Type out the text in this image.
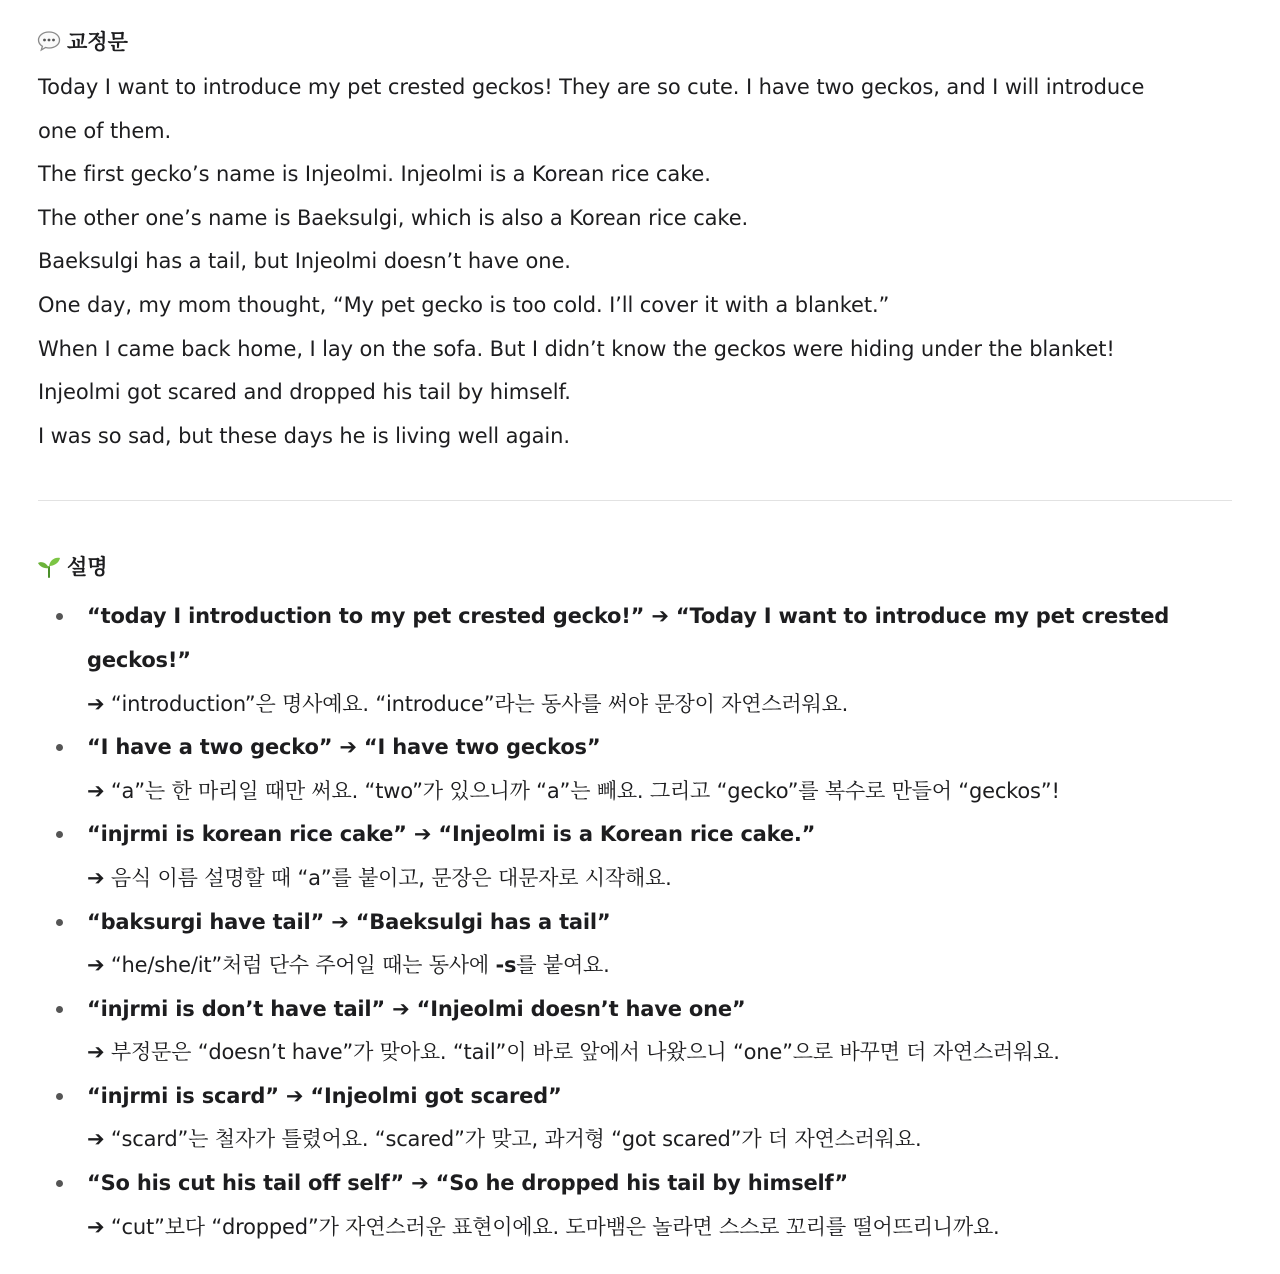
교정문
Today I want to introduce my pet crested geckos! They are so cute. I have two geckos, and I will introduce
one of them.
The first gecko’s name is Injeolmi. Injeolmi is a Korean rice cake.
The other one’s name is Baeksulgi, which is also a Korean rice cake.
Baeksulgi has a tail, but Injeolmi doesn’t have one.
One day, my mom thought, “My pet gecko is too cold. I’ll cover it with a blanket.”
When I came back home, I lay on the sofa. But I didn’t know the geckos were hiding under the blanket!
Injeolmi got scared and dropped his tail by himself.
I was so sad, but these days he is living well again.
설명
“today I introduction to my pet crested gecko!” ➔ “Today I want to introduce my pet crested
geckos!”
➔ “introduction”은 명사예요. “introduce”라는 동사를 써야 문장이 자연스러워요.
“I have a two gecko” ➔ “I have two geckos”
➔ “a”는 한 마리일 때만 써요. “two”가 있으니까 “a”는 빼요. 그리고 “gecko”를 복수로 만들어 “geckos”!
“injrmi is korean rice cake” ➔ “Injeolmi is a Korean rice cake.”
➔ 음식 이름 설명할 때 “a”를 붙이고, 문장은 대문자로 시작해요.
“baksurgi have tail” ➔ “Baeksulgi has a tail”
➔ “he/she/it”처럼 단수 주어일 때는 동사에 -s를 붙여요.
“injrmi is don’t have tail” ➔ “Injeolmi doesn’t have one”
➔ 부정문은 “doesn’t have”가 맞아요. “tail”이 바로 앞에서 나왔으니 “one”으로 바꾸면 더 자연스러워요.
“injrmi is scard” ➔ “Injeolmi got scared”
➔ “scard”는 철자가 틀렸어요. “scared”가 맞고, 과거형 “got scared”가 더 자연스러워요.
“So his cut his tail off self” ➔ “So he dropped his tail by himself”
➔ “cut”보다 “dropped”가 자연스러운 표현이에요. 도마뱀은 놀라면 스스로 꼬리를 떨어뜨리니까요.
